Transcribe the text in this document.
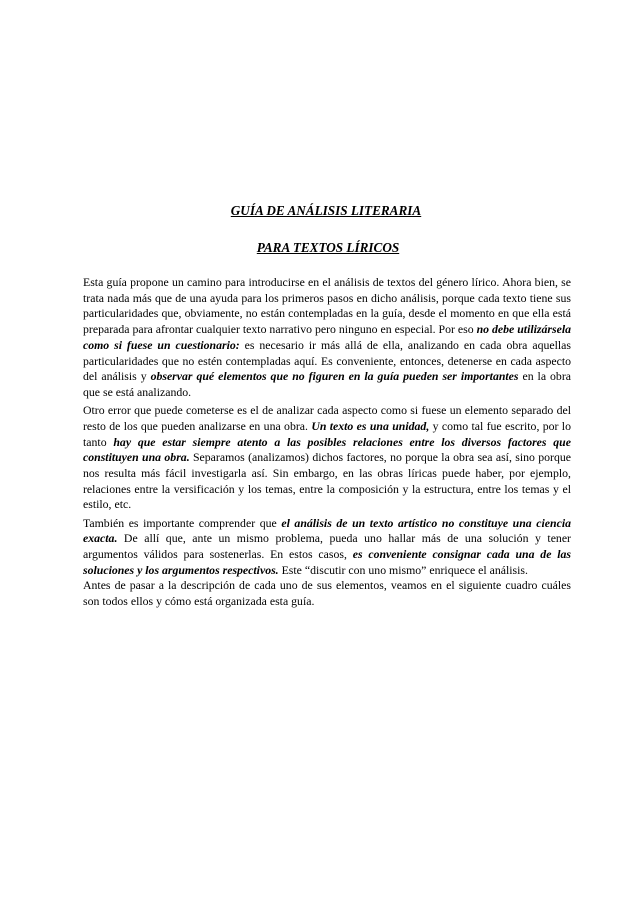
GUÍA DE ANÁLISIS LITERARIA
PARA TEXTOS LÍRICOS

Esta guía propone un camino para introducirse en el análisis de textos del género lírico. Ahora bien, se trata nada más que de una ayuda para los primeros pasos en dicho análisis, porque cada texto tiene sus particularidades que, obviamente, no están contempladas en la guía, desde el momento en que ella está preparada para afrontar cualquier texto narrativo pero ninguno en especial. Por eso no debe utilizársela como si fuese un cuestionario: es necesario ir más allá de ella, analizando en cada obra aquellas particularidades que no estén contempladas aquí. Es conveniente, entonces, detenerse en cada aspecto del análisis y observar qué elementos que no figuren en la guía pueden ser importantes en la obra que se está analizando.

Otro error que puede cometerse es el de analizar cada aspecto como si fuese un elemento separado del resto de los que pueden analizarse en una obra. Un texto es una unidad, y como tal fue escrito, por lo tanto hay que estar siempre atento a las posibles relaciones entre los diversos factores que constituyen una obra. Separamos (analizamos) dichos factores, no porque la obra sea así, sino porque nos resulta más fácil investigarla así. Sin embargo, en las obras líricas puede haber, por ejemplo, relaciones entre la versificación y los temas, entre la composición y la estructura, entre los temas y el estilo, etc.

También es importante comprender que el análisis de un texto artístico no constituye una ciencia exacta. De allí que, ante un mismo problema, pueda uno hallar más de una solución y tener argumentos válidos para sostenerlas. En estos casos, es conveniente consignar cada una de las soluciones y los argumentos respectivos. Este “discutir con uno mismo” enriquece el análisis.

Antes de pasar a la descripción de cada uno de sus elementos, veamos en el siguiente cuadro cuáles son todos ellos y cómo está organizada esta guía.
